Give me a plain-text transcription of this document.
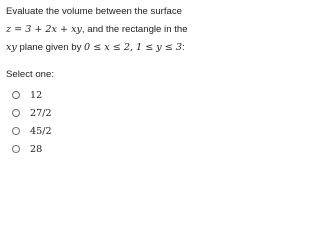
Evaluate the volume between the surface
z = 3 + 2x + xy, and the rectangle in the
xy plane given by 0 ≤ x ≤ 2, 1 ≤ y ≤ 3:
Select one:
12
27/2
45/2
28
